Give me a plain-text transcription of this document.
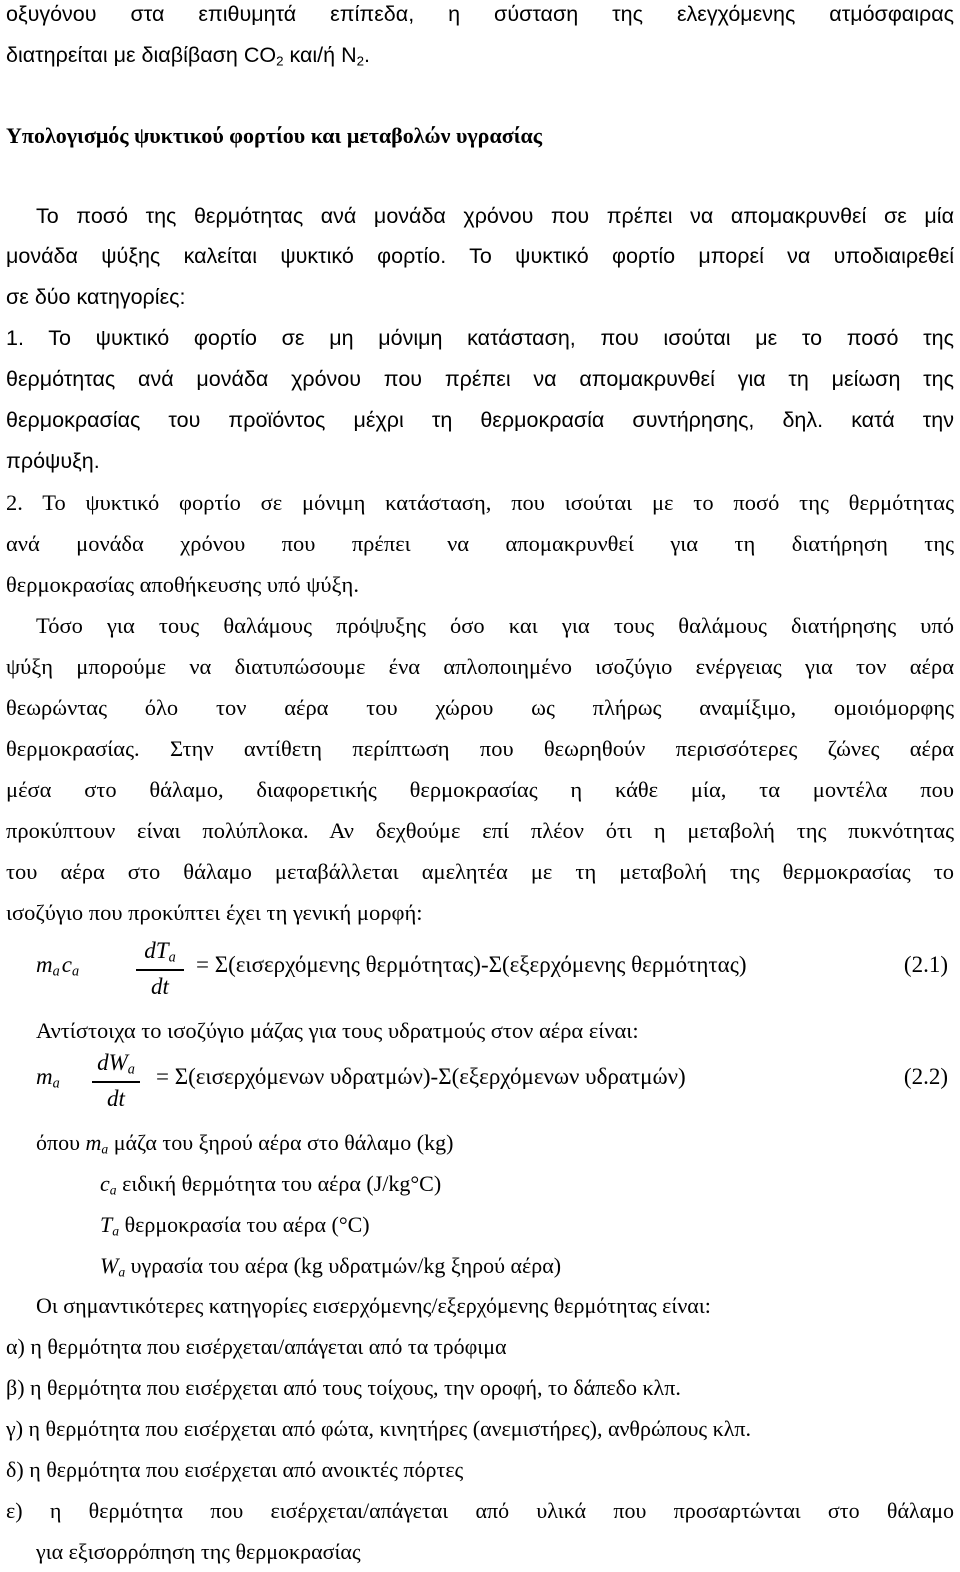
οξυγόνου στα επιθυμητά επίπεδα, η σύσταση της ελεγχόμενης ατμόσφαιρας
διατηρείται με διαβίβαση $CO_2$ και/ή $N_2$.
Υπολογισμός ψυκτικού φορτίου και μεταβολών υγρασίας
Το ποσό της θερμότητας ανά μονάδα χρόνου που πρέπει να απομακρυνθεί σε μία
μονάδα ψύξης καλείται ψυκτικό φορτίο. Το ψυκτικό φορτίο μπορεί να υποδιαιρεθεί
σε δύο κατηγορίες:
1. Το ψυκτικό φορτίο σε μη μόνιμη κατάσταση, που ισούται με το ποσό της
θερμότητας ανά μονάδα χρόνου που πρέπει να απομακρυνθεί για τη μείωση της
θερμοκρασίας του προϊόντος μέχρι τη θερμοκρασία συντήρησης, δηλ. κατά την
πρόψυξη.
2. Το ψυκτικό φορτίο σε μόνιμη κατάσταση, που ισούται με το ποσό της θερμότητας
ανά μονάδα χρόνου που πρέπει να απομακρυνθεί για τη διατήρηση της
θερμοκρασίας αποθήκευσης υπό ψύξη.
Τόσο για τους θαλάμους πρόψυξης όσο και για τους θαλάμους διατήρησης υπό
ψύξη μπορούμε να διατυπώσουμε ένα απλοποιημένο ισοζύγιο ενέργειας για τον αέρα
θεωρώντας όλο τον αέρα του χώρου ως πλήρως αναμίξιμο, ομοιόμορφης
θερμοκρασίας. Στην αντίθετη περίπτωση που θεωρηθούν περισσότερες ζώνες αέρα
μέσα στο θάλαμο, διαφορετικής θερμοκρασίας η κάθε μία, τα μοντέλα που
προκύπτουν είναι πολύπλοκα. Αν δεχθούμε επί πλέον ότι η μεταβολή της πυκνότητας
του αέρα στο θάλαμο μεταβάλλεται αμελητέα με τη μεταβολή της θερμοκρασίας το
ισοζύγιο που προκύπτει έχει τη γενική μορφή:
$m_ac_a$
$dT_a$
dt
= Σ(εισερχόμενης θερμότητας)-Σ(εξερχόμενης θερμότητας)	(2.1)
Αντίστοιχα το ισοζύγιο μάζας για τους υδρατμούς στον αέρα είναι:
$m_a$
$dW_a$
dt
= Σ(εισερχόμενων υδρατμών)-Σ(εξερχόμενων υδρατμών)	(2.2)
όπου $m_a$ μάζα του ξηρού αέρα στο θάλαμο (kg)
$c_a$ ειδική θερμότητα του αέρα (J/kg°C)
$T_a$ θερμοκρασία του αέρα (°C)
$W_a$ υγρασία του αέρα (kg υδρατμών/kg ξηρού αέρα)
Οι σημαντικότερες κατηγορίες εισερχόμενης/εξερχόμενης θερμότητας είναι:
α) η θερμότητα που εισέρχεται/απάγεται από τα τρόφιμα
β) η θερμότητα που εισέρχεται από τους τοίχους, την οροφή, το δάπεδο κλπ.
γ) η θερμότητα που εισέρχεται από φώτα, κινητήρες (ανεμιστήρες), ανθρώπους κλπ.
δ) η θερμότητα που εισέρχεται από ανοικτές πόρτες
ε) η θερμότητα που εισέρχεται/απάγεται από υλικά που προσαρτώνται στο θάλαμο
για εξισορρόπηση της θερμοκρασίας
